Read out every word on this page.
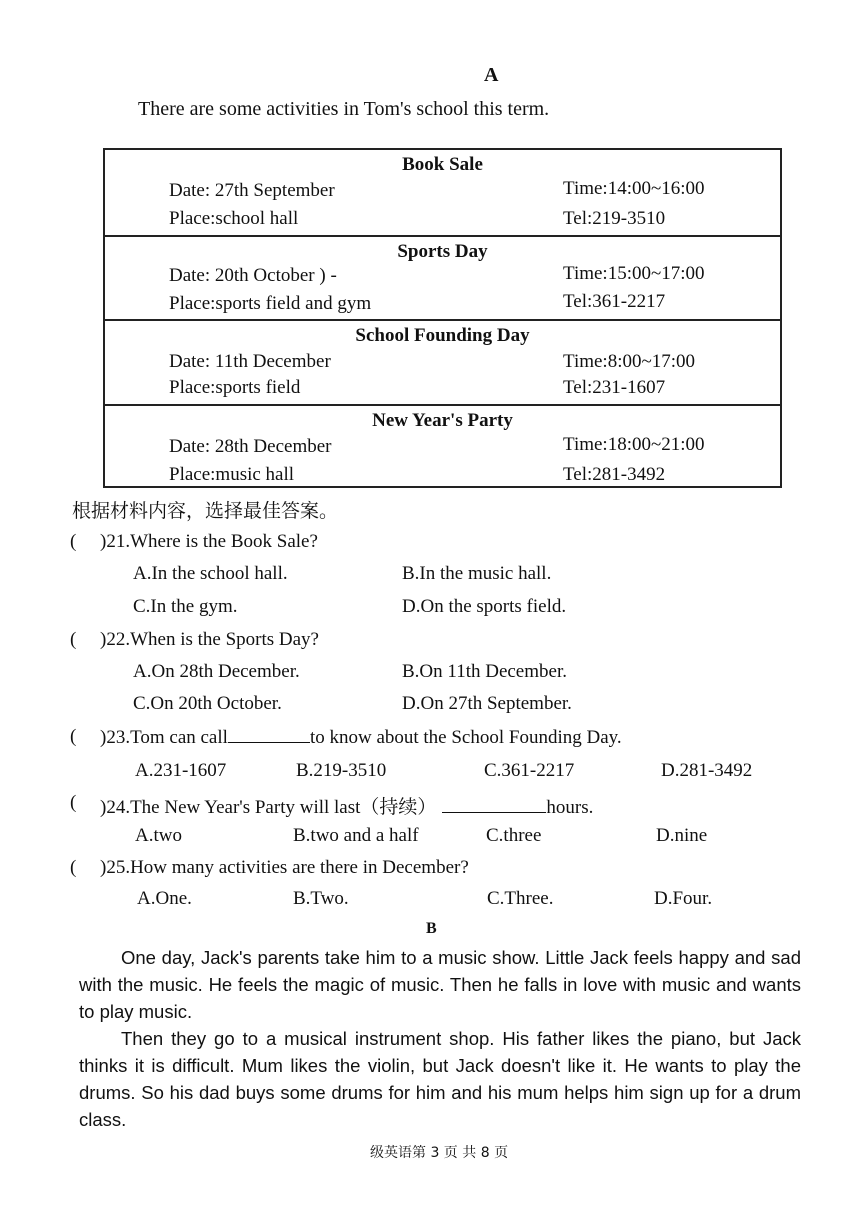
A
There are some activities in Tom's school this term.
Book Sale
Date: 27th September	Time:14:00~16:00
Place:school hall	Tel:219-3510
Sports Day
Date: 20th October ) -	Time:15:00~17:00
Place:sports field and gym	Tel:361-2217
School Founding Day
Date: 11th December	Time:8:00~17:00
Place:sports field	Tel:231-1607
New Year's Party
Date: 28th December	Time:18:00~21:00
Place:music hall	Tel:281-3492
根据材料内容，选择最佳答案。
( )21.Where is the Book Sale?
A.In the school hall.	B.In the music hall.
C.In the gym.	D.On the sports field.
( )22.When is the Sports Day?
A.On 28th December.	B.On 11th December.
C.On 20th October.	D.On 27th September.
( )23.Tom can call	to know about the School Founding Day.
A.231-1607	B.219-3510	C.361-2217	D.281-3492
( )24.The New Year's Party will last（持续）	hours.
A.two	B.two and a half	C.three	D.nine
( )25.How many activities are there in December?
A.One.	B.Two.	C.Three.	D.Four.
B

One day, Jack's parents take him to a music show. Little Jack feels happy and sad with the music. He feels the magic of music. Then he falls in love with music and wants to play music.

Then they go to a musical instrument shop. His father likes the piano, but Jack thinks it is difficult. Mum likes the violin, but Jack doesn't like it. He wants to play the drums. So his dad buys some drums for him and his mum helps him sign up for a drum class.

级英语第 3 页 共 8 页
